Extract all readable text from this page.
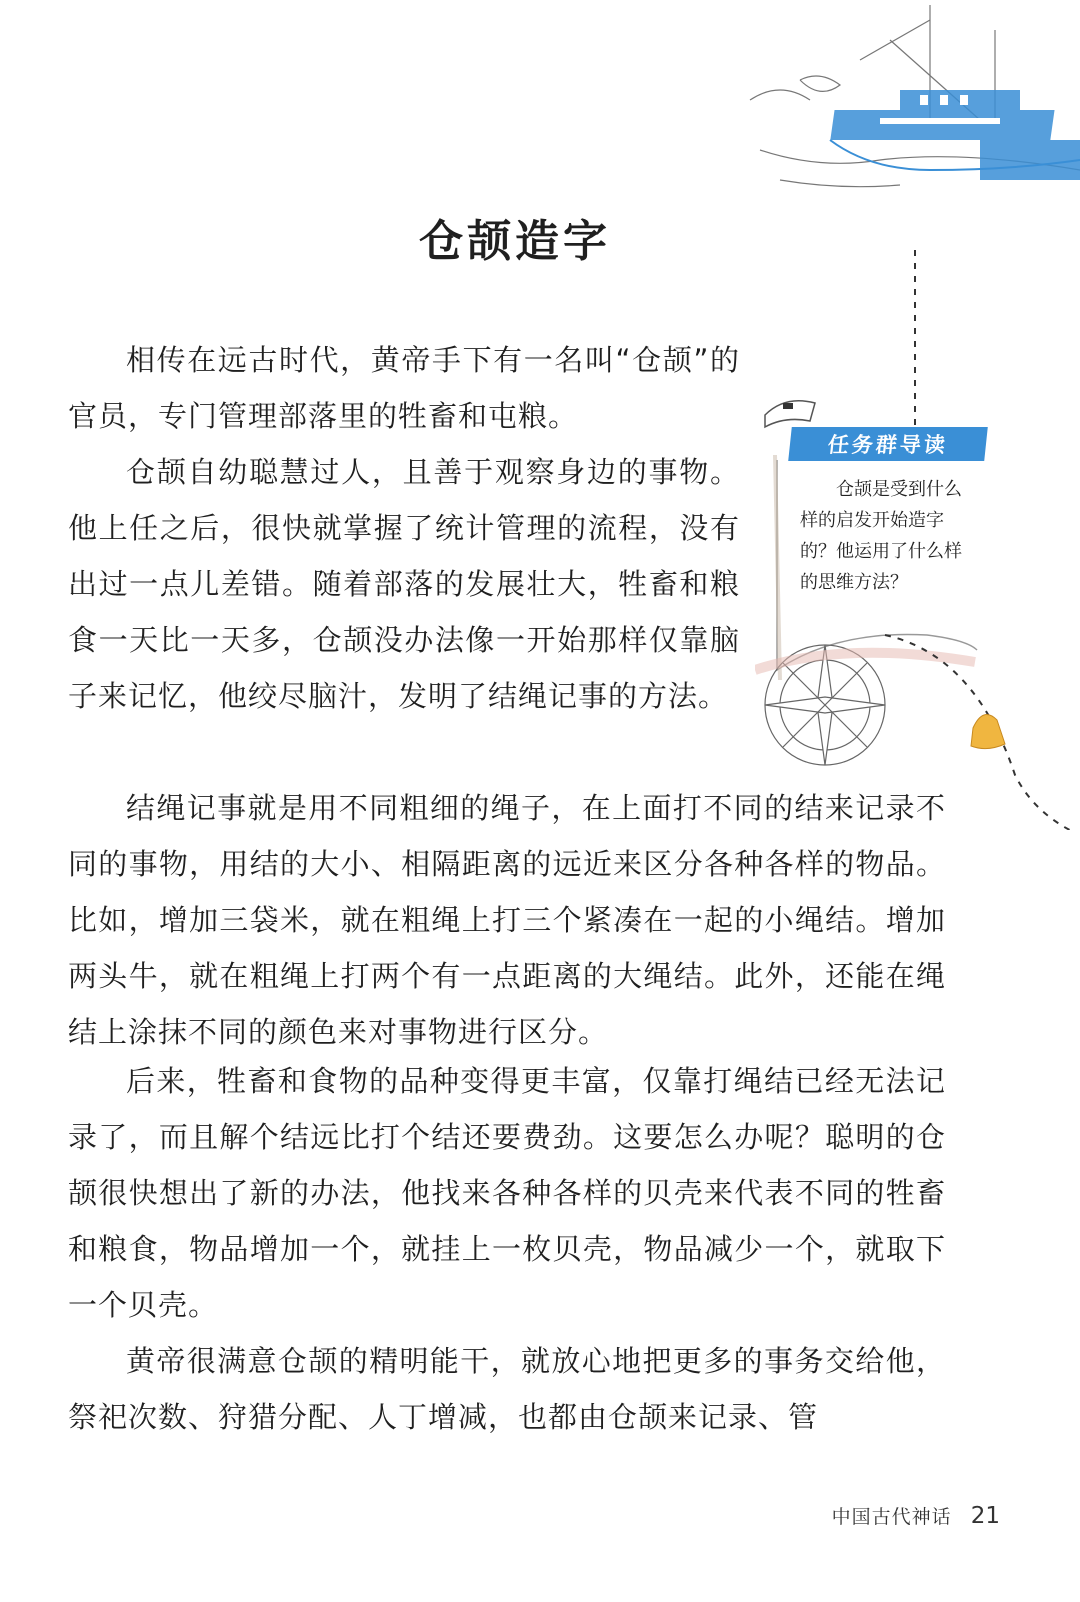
仓颉造字

相传在远古时代，黄帝手下有一名叫“仓颉”的官员，专门管理部落里的牲畜和屯粮。

仓颉自幼聪慧过人，且善于观察身边的事物。他上任之后，很快就掌握了统计管理的流程，没有出过一点儿差错。随着部落的发展壮大，牲畜和粮食一天比一天多，仓颉没办法像一开始那样仅靠脑子来记忆，他绞尽脑汁，发明了结绳记事的方法。

结绳记事就是用不同粗细的绳子，在上面打不同的结来记录不同的事物，用结的大小、相隔距离的远近来区分各种各样的物品。比如，增加三袋米，就在粗绳上打三个紧凑在一起的小绳结。增加两头牛，就在粗绳上打两个有一点距离的大绳结。此外，还能在绳结上涂抹不同的颜色来对事物进行区分。

后来，牲畜和食物的品种变得更丰富，仅靠打绳结已经无法记录了，而且解个结远比打个结还要费劲。这要怎么办呢？聪明的仓颉很快想出了新的办法，他找来各种各样的贝壳来代表不同的牲畜和粮食，物品增加一个，就挂上一枚贝壳，物品减少一个，就取下一个贝壳。

黄帝很满意仓颉的精明能干，就放心地把更多的事务交给他，祭祀次数、狩猎分配、人丁增减，也都由仓颉来记录、管

任务群导读
仓颉是受到什么样的启发开始造字的？他运用了什么样的思维方法？
中国古代神话 21
